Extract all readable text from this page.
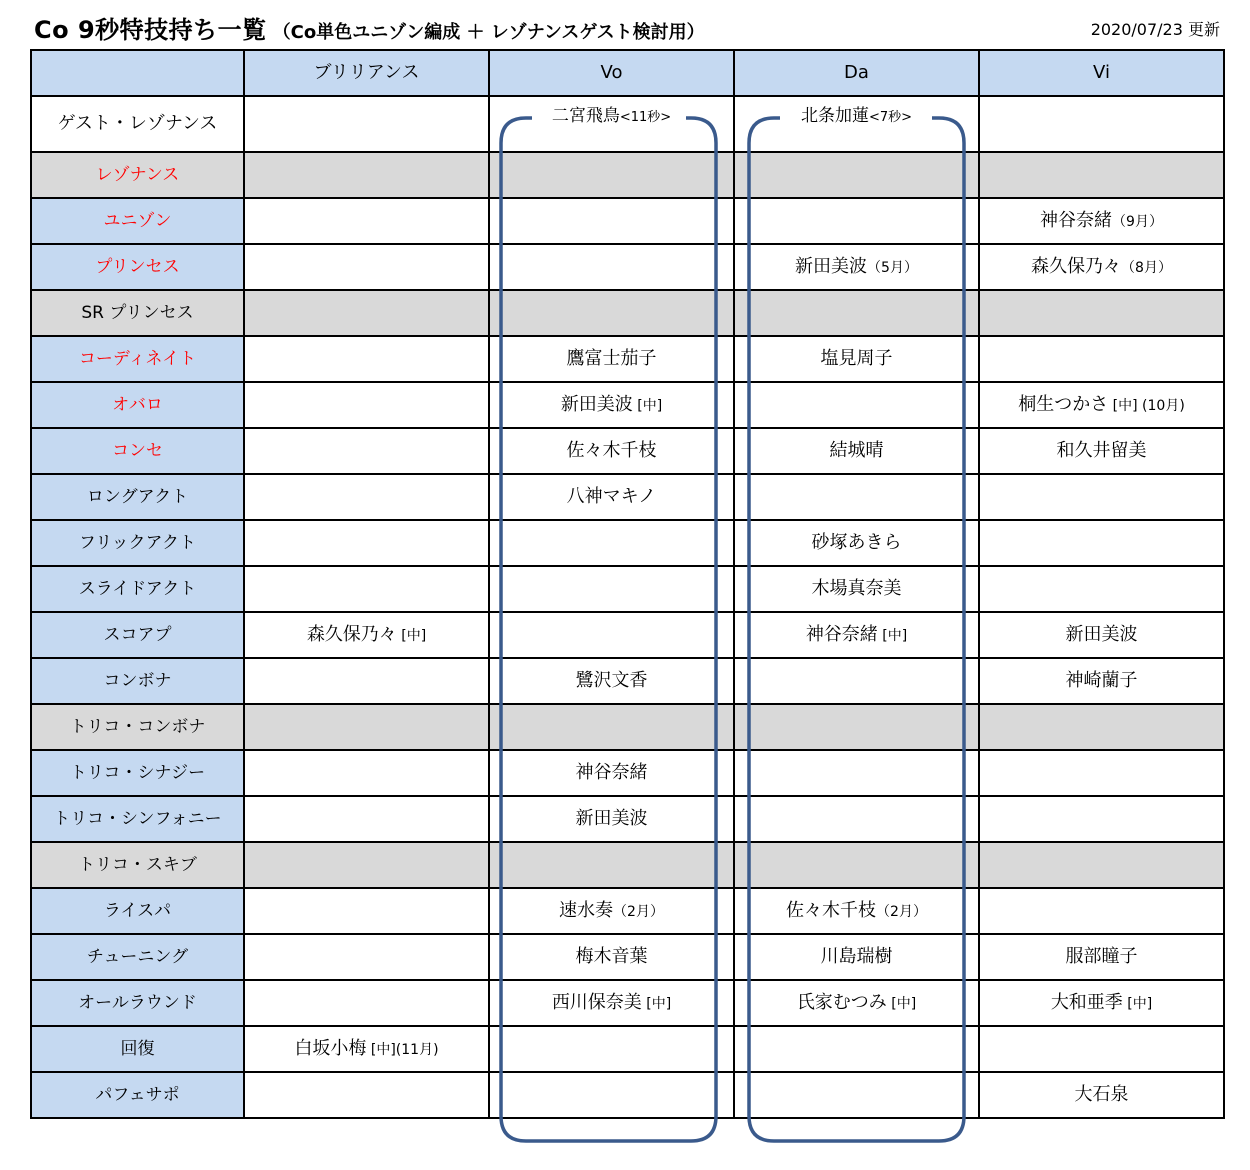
Co 9秒特技持ち一覧 （Co単色ユニゾン編成 ＋ レゾナンスゲスト検討用）	2020/07/23 更新
	ブリリアンス	Vo	Da	Vi
ゲスト・レゾナンス		二宮飛鳥<11秒>	北条加蓮<7秒>	
レゾナンス				
ユニゾン				神谷奈緒（9月）
プリンセス			新田美波（5月）	森久保乃々（8月）
SR プリンセス				
コーディネイト		鷹富士茄子	塩見周子	
オバロ		新田美波 [中]		桐生つかさ [中] (10月)
コンセ		佐々木千枝	結城晴	和久井留美
ロングアクト		八神マキノ		
フリックアクト			砂塚あきら	
スライドアクト			木場真奈美	
スコアプ	森久保乃々 [中]		神谷奈緒 [中]	新田美波
コンボナ		鷺沢文香		神崎蘭子
トリコ・コンボナ				
トリコ・シナジー		神谷奈緒		
トリコ・シンフォニー		新田美波		
トリコ・スキブ				
ライスパ		速水奏（2月）	佐々木千枝（2月）	
チューニング		梅木音葉	川島瑞樹	服部瞳子
オールラウンド		西川保奈美 [中]	氏家むつみ [中]	大和亜季 [中]
回復	白坂小梅 [中](11月)			
パフェサポ				大石泉
